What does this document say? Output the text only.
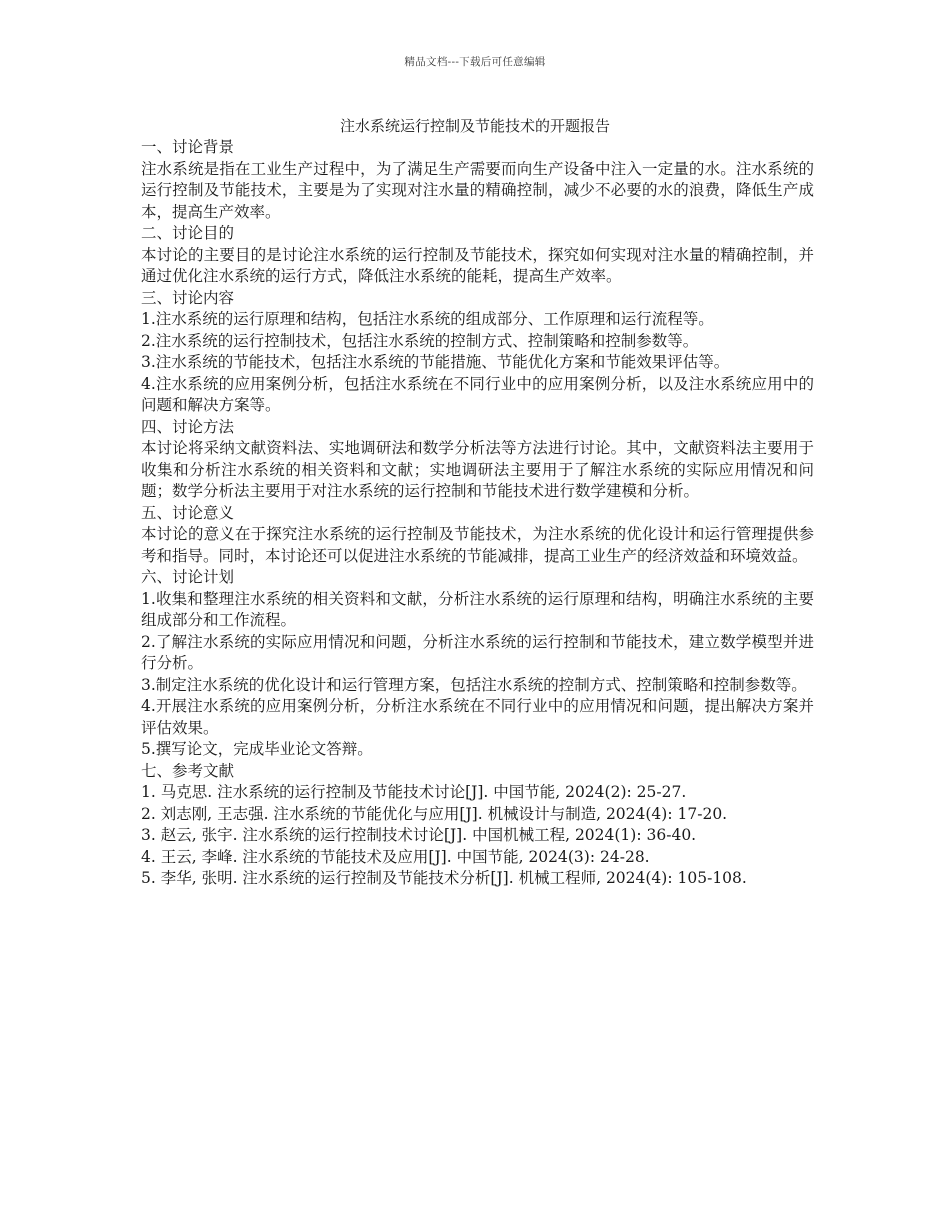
精品文档---下载后可任意编辑
注水系统运行控制及节能技术的开题报告

一、讨论背景

注水系统是指在工业生产过程中，为了满足生产需要而向生产设备中注入一定量的水。注水系统的运行控制及节能技术，主要是为了实现对注水量的精确控制，减少不必要的水的浪费，降低生产成本，提高生产效率。

二、讨论目的

本讨论的主要目的是讨论注水系统的运行控制及节能技术，探究如何实现对注水量的精确控制，并通过优化注水系统的运行方式，降低注水系统的能耗，提高生产效率。

三、讨论内容

1.注水系统的运行原理和结构，包括注水系统的组成部分、工作原理和运行流程等。

2.注水系统的运行控制技术，包括注水系统的控制方式、控制策略和控制参数等。

3.注水系统的节能技术，包括注水系统的节能措施、节能优化方案和节能效果评估等。

4.注水系统的应用案例分析，包括注水系统在不同行业中的应用案例分析，以及注水系统应用中的问题和解决方案等。

四、讨论方法

本讨论将采纳文献资料法、实地调研法和数学分析法等方法进行讨论。其中，文献资料法主要用于收集和分析注水系统的相关资料和文献；实地调研法主要用于了解注水系统的实际应用情况和问题；数学分析法主要用于对注水系统的运行控制和节能技术进行数学建模和分析。

五、讨论意义

本讨论的意义在于探究注水系统的运行控制及节能技术，为注水系统的优化设计和运行管理提供参考和指导。同时，本讨论还可以促进注水系统的节能减排，提高工业生产的经济效益和环境效益。

六、讨论计划

1.收集和整理注水系统的相关资料和文献，分析注水系统的运行原理和结构，明确注水系统的主要组成部分和工作流程。

2.了解注水系统的实际应用情况和问题，分析注水系统的运行控制和节能技术，建立数学模型并进行分析。

3.制定注水系统的优化设计和运行管理方案，包括注水系统的控制方式、控制策略和控制参数等。

4.开展注水系统的应用案例分析，分析注水系统在不同行业中的应用情况和问题，提出解决方案并评估效果。

5.撰写论文，完成毕业论文答辩。

七、参考文献

1. 马克思. 注水系统的运行控制及节能技术讨论[J]. 中国节能, 2024(2): 25-27.

2. 刘志刚, 王志强. 注水系统的节能优化与应用[J]. 机械设计与制造, 2024(4): 17-20.

3. 赵云, 张宇. 注水系统的运行控制技术讨论[J]. 中国机械工程, 2024(1): 36-40.

4. 王云, 李峰. 注水系统的节能技术及应用[J]. 中国节能, 2024(3): 24-28.

5. 李华, 张明. 注水系统的运行控制及节能技术分析[J]. 机械工程师, 2024(4): 105-108.
